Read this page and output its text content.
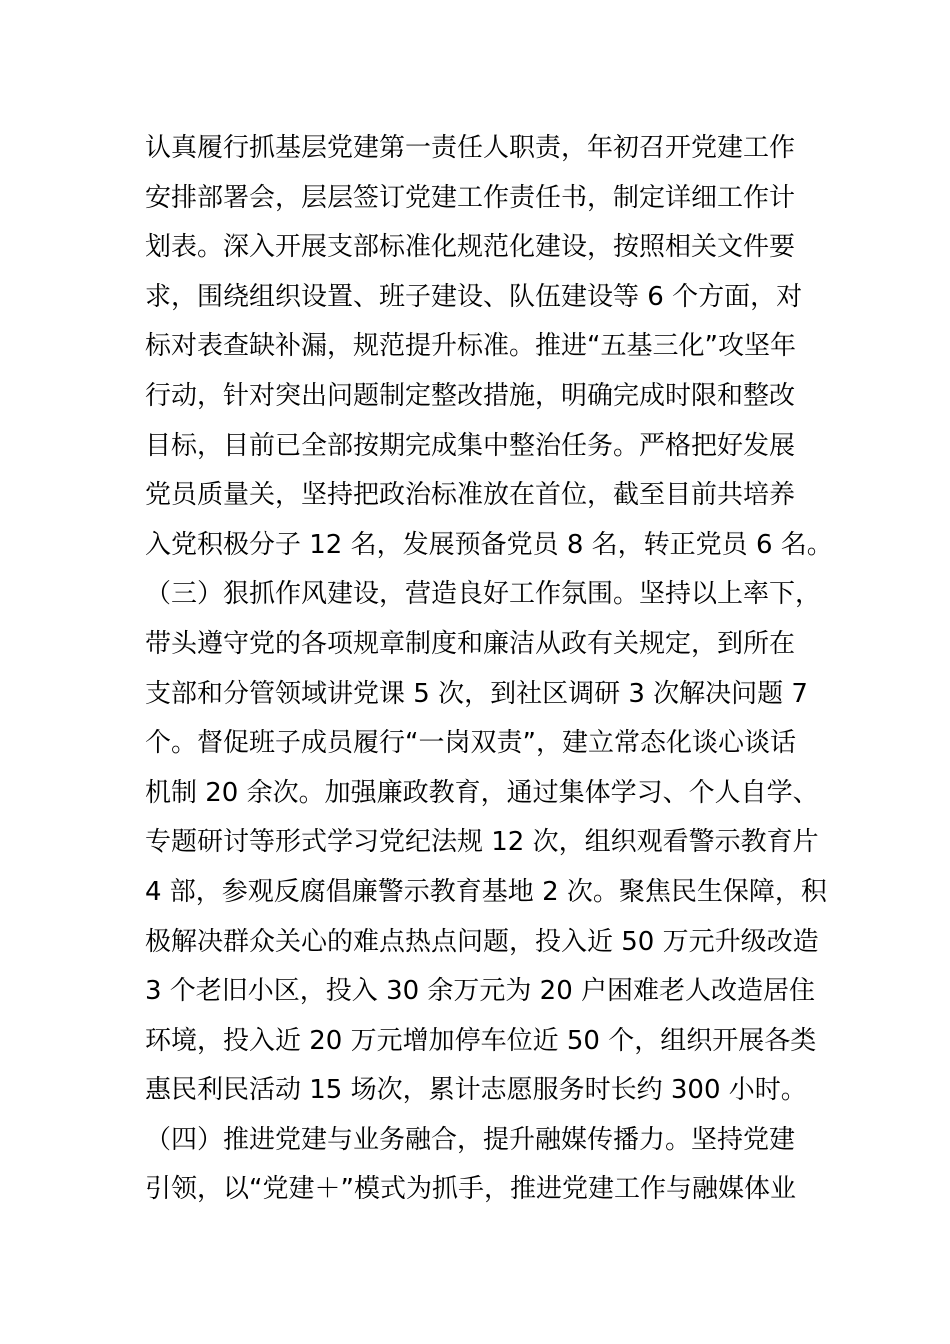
认真履行抓基层党建第一责任人职责，年初召开党建工作
安排部署会，层层签订党建工作责任书，制定详细工作计
划表。深入开展支部标准化规范化建设，按照相关文件要
求，围绕组织设置、班子建设、队伍建设等 6 个方面，对
标对表查缺补漏，规范提升标准。推进“五基三化”攻坚年
行动，针对突出问题制定整改措施，明确完成时限和整改
目标，目前已全部按期完成集中整治任务。严格把好发展
党员质量关，坚持把政治标准放在首位，截至目前共培养
入党积极分子 12 名，发展预备党员 8 名，转正党员 6 名。
（三）狠抓作风建设，营造良好工作氛围。坚持以上率下，
带头遵守党的各项规章制度和廉洁从政有关规定，到所在
支部和分管领域讲党课 5 次，到社区调研 3 次解决问题 7
个。督促班子成员履行“一岗双责”，建立常态化谈心谈话
机制 20 余次。加强廉政教育，通过集体学习、个人自学、
专题研讨等形式学习党纪法规 12 次，组织观看警示教育片
4 部，参观反腐倡廉警示教育基地 2 次。聚焦民生保障，积
极解决群众关心的难点热点问题，投入近 50 万元升级改造
3 个老旧小区，投入 30 余万元为 20 户困难老人改造居住
环境，投入近 20 万元增加停车位近 50 个，组织开展各类
惠民利民活动 15 场次，累计志愿服务时长约 300 小时。
（四）推进党建与业务融合，提升融媒传播力。坚持党建
引领，以“党建＋”模式为抓手，推进党建工作与融媒体业
